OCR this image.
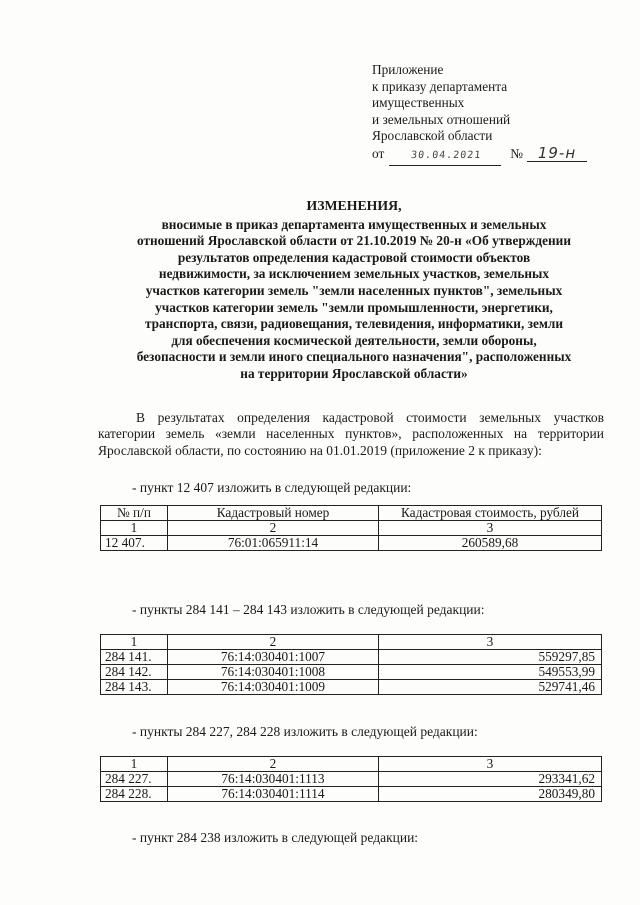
Приложение
к приказу департамента
имущественных
и земельных отношений
Ярославской области
от	30.04.2021 № 19-н
ИЗМЕНЕНИЯ,
вносимые в приказ департамента имущественных и земельных
отношений Ярославской области от 21.10.2019 № 20-н «Об утверждении
результатов определения кадастровой стоимости объектов
недвижимости, за исключением земельных участков, земельных
участков категории земель "земли населенных пунктов", земельных
участков категории земель "земли промышленности, энергетики,
транспорта, связи, радиовещания, телевидения, информатики, земли
для обеспечения космической деятельности, земли обороны,
безопасности и земли иного специального назначения", расположенных
на территории Ярославской области»
В результатах определения кадастровой стоимости земельных участков категории земель «земли населенных пунктов», расположенных на территории Ярославской области, по состоянию на 01.01.2019 (приложение 2 к приказу):
- пункт 12 407 изложить в следующей редакции:
№ п/п	Кадастровый номер	Кадастровая стоимость, рублей
1	2	3
12 407.	76:01:065911:14	260589,68
- пункты 284 141 – 284 143 изложить в следующей редакции:
1	2	3
284 141.	76:14:030401:1007	559297,85
284 142.	76:14:030401:1008	549553,99
284 143.	76:14:030401:1009	529741,46
- пункты 284 227, 284 228 изложить в следующей редакции:
1	2	3
284 227.	76:14:030401:1113	293341,62
284 228.	76:14:030401:1114	280349,80
- пункт 284 238 изложить в следующей редакции:
